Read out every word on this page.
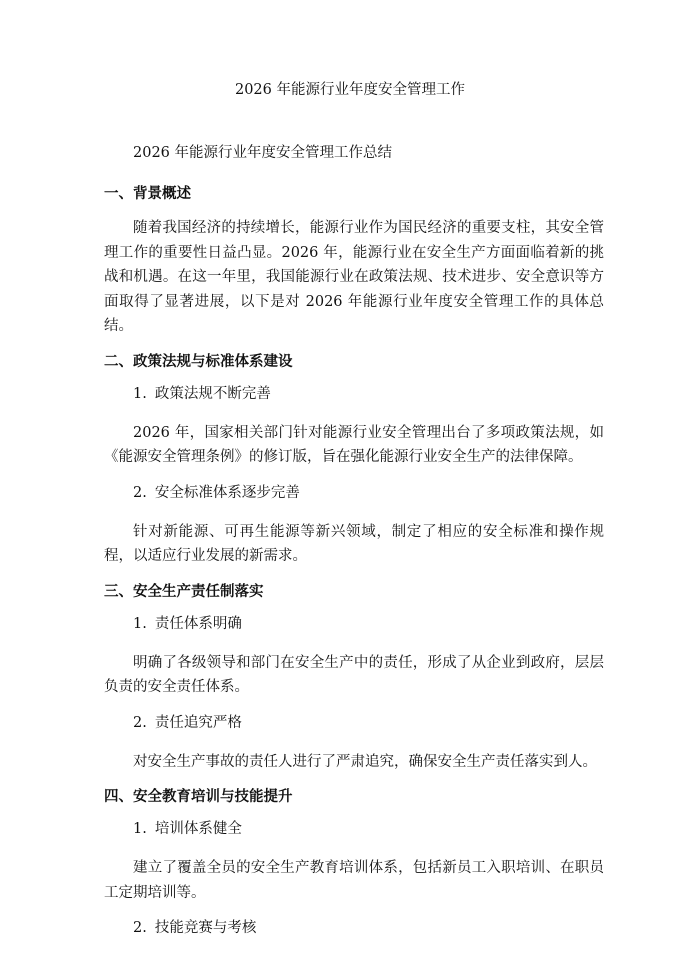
2026 年能源行业年度安全管理工作
2026 年能源行业年度安全管理工作总结
一、背景概述
随着我国经济的持续增长，能源行业作为国民经济的重要支柱，其安全管理工作的重要性日益凸显。2026 年，能源行业在安全生产方面面临着新的挑战和机遇。在这一年里，我国能源行业在政策法规、技术进步、安全意识等方面取得了显著进展，以下是对 2026 年能源行业年度安全管理工作的具体总结。
二、政策法规与标准体系建设
1. 政策法规不断完善
2026 年，国家相关部门针对能源行业安全管理出台了多项政策法规，如《能源安全管理条例》的修订版，旨在强化能源行业安全生产的法律保障。
2. 安全标准体系逐步完善
针对新能源、可再生能源等新兴领域，制定了相应的安全标准和操作规程，以适应行业发展的新需求。
三、安全生产责任制落实
1. 责任体系明确
明确了各级领导和部门在安全生产中的责任，形成了从企业到政府，层层负责的安全责任体系。
2. 责任追究严格
对安全生产事故的责任人进行了严肃追究，确保安全生产责任落实到人。
四、安全教育培训与技能提升
1. 培训体系健全
建立了覆盖全员的安全生产教育培训体系，包括新员工入职培训、在职员工定期培训等。
2. 技能竞赛与考核
